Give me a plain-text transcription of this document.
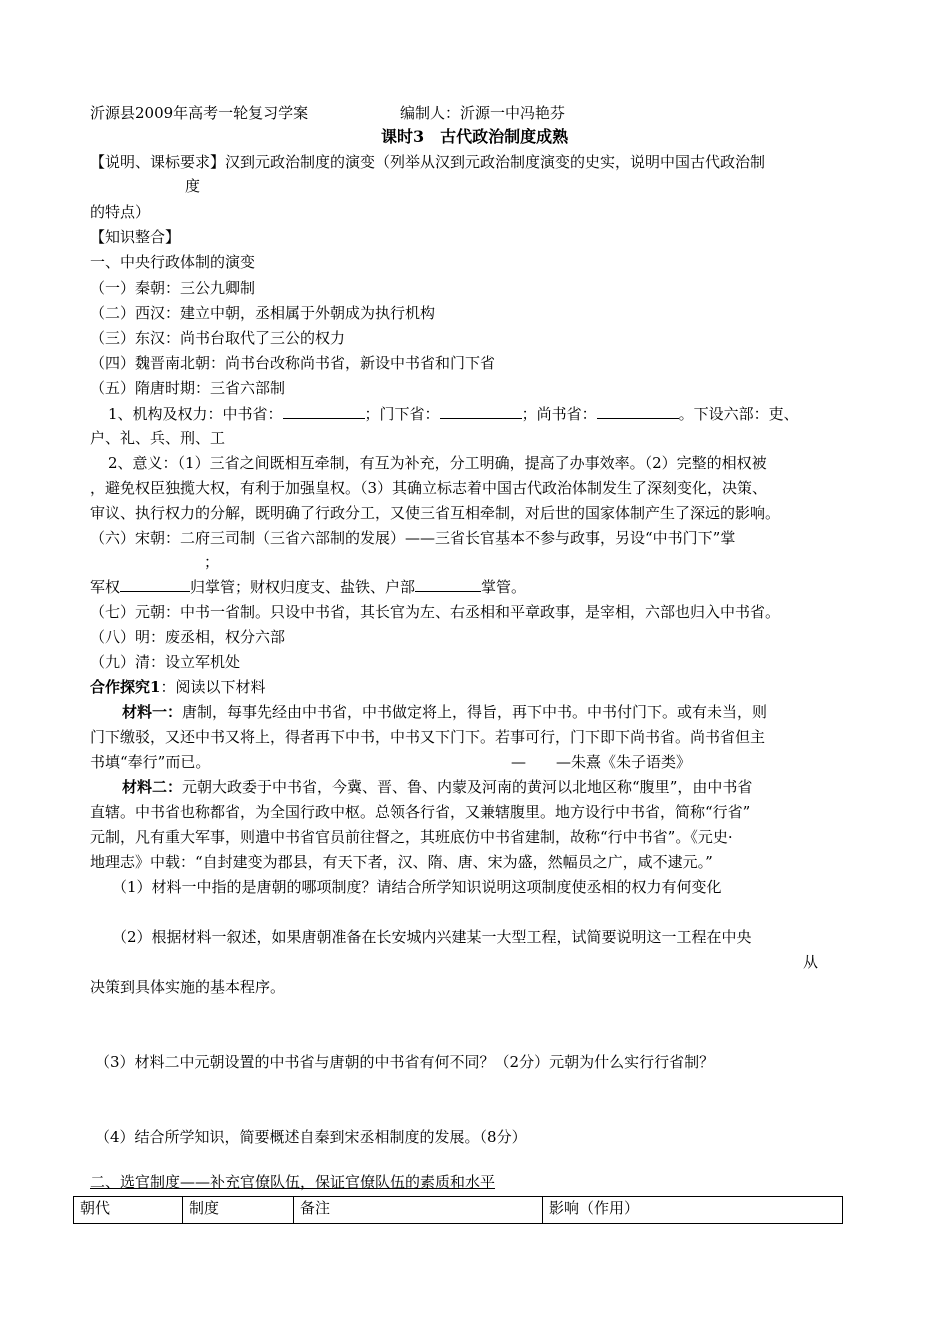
沂源县2009年高考一轮复习学案	编制人：沂源一中冯艳芬
课时3　古代政治制度成熟
【说明、课标要求】汉到元政治制度的演变（列举从汉到元政治制度演变的史实，说明中国古代政治制
度
的特点）
【知识整合】
一、中央行政体制的演变
（一）秦朝：三公九卿制
（二）西汉：建立中朝，丞相属于外朝成为执行机构
（三）东汉：尚书台取代了三公的权力
（四）魏晋南北朝：尚书台改称尚书省，新设中书省和门下省
（五）隋唐时期：三省六部制
1、机构及权力：中书省：	；门下省：	；尚书省：	。下设六部：吏、
户、礼、兵、刑、工
2、意义：（1）三省之间既相互牵制，有互为补充，分工明确，提高了办事效率。（2）完整的相权被
，避免权臣独揽大权，有利于加强皇权。（3）其确立标志着中国古代政治体制发生了深刻变化，决策、
审议、执行权力的分解，既明确了行政分工，又使三省互相牵制，对后世的国家体制产生了深远的影响。
（六）宋朝：二府三司制（三省六部制的发展）——三省长官基本不参与政事，另设“中书门下”掌
；
军权	归掌管；财权归度支、盐铁、户部	掌管。
（七）元朝：中书一省制。只设中书省，其长官为左、右丞相和平章政事，是宰相，六部也归入中书省。
（八）明：废丞相，权分六部
（九）清：设立军机处
合作探究1：阅读以下材料
材料一：唐制，每事先经由中书省，中书做定将上，得旨，再下中书。中书付门下。或有未当，则
门下缴驳，又还中书又将上，得者再下中书，中书又下门下。若事可行，门下即下尚书省。尚书省但主
书填“奉行”而已。	—　　—朱熹《朱子语类》
材料二：元朝大政委于中书省，今冀、晋、鲁、内蒙及河南的黄河以北地区称“腹里”，由中书省
直辖。中书省也称都省，为全国行政中枢。总领各行省，又兼辖腹里。地方设行中书省，简称“行省”
元制，凡有重大军事，则遣中书省官员前往督之，其班底仿中书省建制，故称“行中书省”。《元史·
地理志》中载：“自封建变为郡县，有天下者，汉、隋、唐、宋为盛，然幅员之广，咸不逮元。”
（1）材料一中指的是唐朝的哪项制度？请结合所学知识说明这项制度使丞相的权力有何变化
（2）根据材料一叙述，如果唐朝准备在长安城内兴建某一大型工程，试简要说明这一工程在中央
从
决策到具体实施的基本程序。
（3）材料二中元朝设置的中书省与唐朝的中书省有何不同？（2分）元朝为什么实行行省制？
（4）结合所学知识，简要概述自秦到宋丞相制度的发展。（8分）
二、选官制度——补充官僚队伍，保证官僚队伍的素质和水平
朝代	制度	备注	影响（作用）
